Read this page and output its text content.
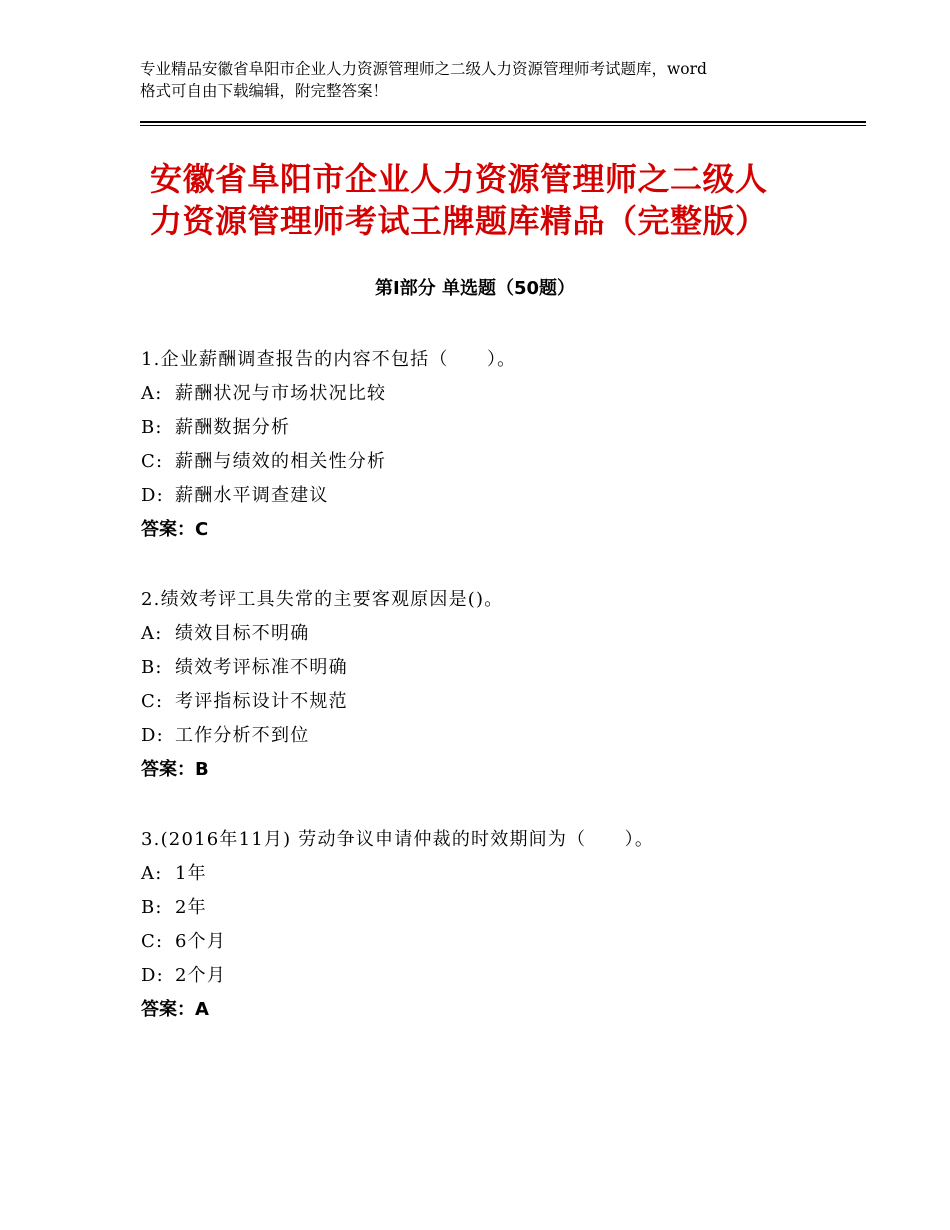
专业精品安徽省阜阳市企业人力资源管理师之二级人力资源管理师考试题库，word
格式可自由下载编辑，附完整答案！
安徽省阜阳市企业人力资源管理师之二级人
力资源管理师考试王牌题库精品（完整版）
第Ⅰ部分 单选题（50题）
1.企业薪酬调查报告的内容不包括（　　）。
A: 薪酬状况与市场状况比较
B: 薪酬数据分析
C: 薪酬与绩效的相关性分析
D: 薪酬水平调查建议
答案：C
2.绩效考评工具失常的主要客观原因是()。
A: 绩效目标不明确
B: 绩效考评标准不明确
C: 考评指标设计不规范
D: 工作分析不到位
答案：B
3.(2016年11月) 劳动争议申请仲裁的时效期间为（　　）。
A: 1年
B: 2年
C: 6个月
D: 2个月
答案：A
